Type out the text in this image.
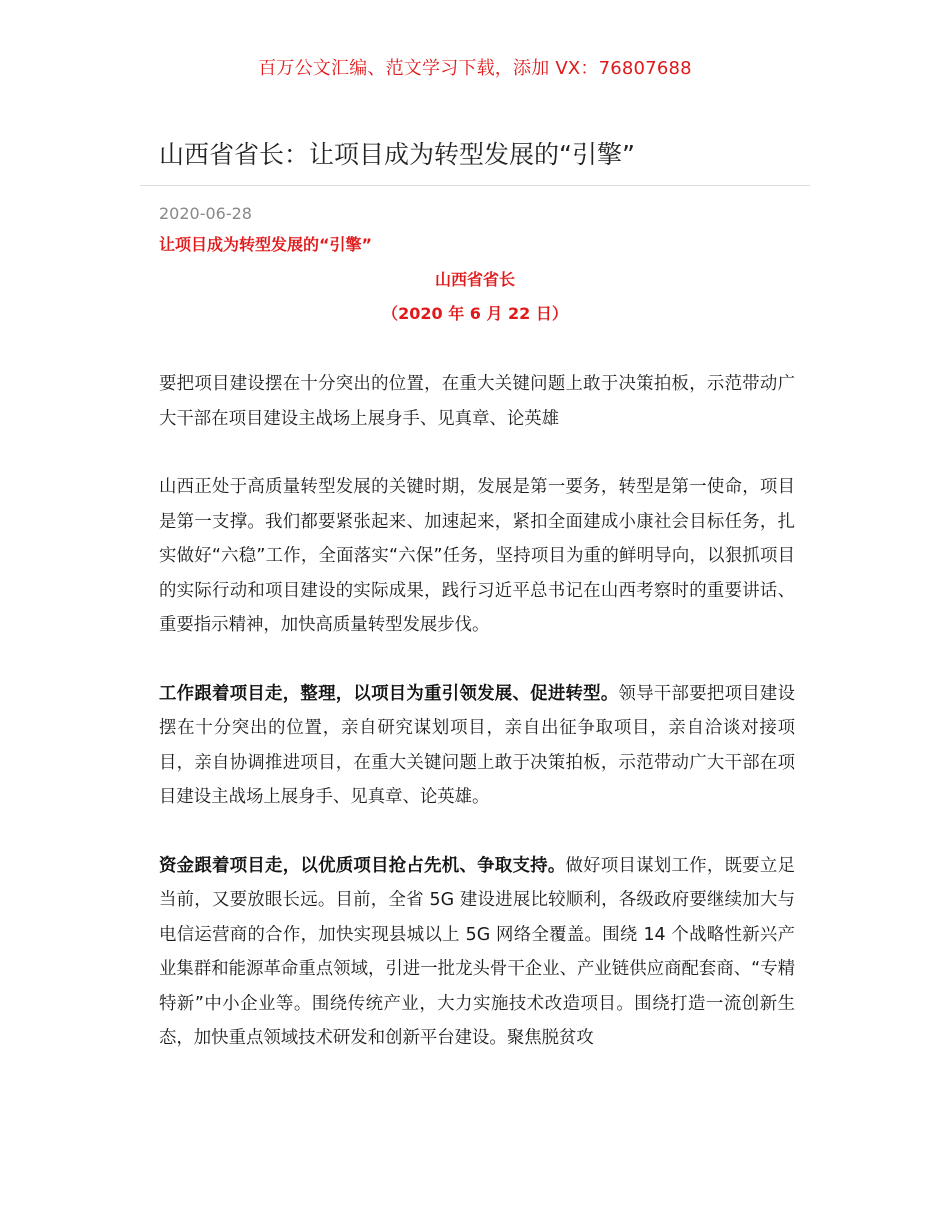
百万公文汇编、范文学习下载，添加 VX：76807688
山西省省长：让项目成为转型发展的“引擎”
2020-06-28
让项目成为转型发展的“引擎”
山西省省长
（2020 年 6 月 22 日）

要把项目建设摆在十分突出的位置，在重大关键问题上敢于决策拍板，示范带动广大干部在项目建设主战场上展身手、见真章、论英雄

山西正处于高质量转型发展的关键时期，发展是第一要务，转型是第一使命，项目是第一支撑。我们都要紧张起来、加速起来，紧扣全面建成小康社会目标任务，扎实做好“六稳”工作，全面落实“六保”任务，坚持项目为重的鲜明导向，以狠抓项目的实际行动和项目建设的实际成果，践行习近平总书记在山西考察时的重要讲话、重要指示精神，加快高质量转型发展步伐。

工作跟着项目走，整理，以项目为重引领发展、促进转型。领导干部要把项目建设摆在十分突出的位置，亲自研究谋划项目，亲自出征争取项目，亲自洽谈对接项目，亲自协调推进项目，在重大关键问题上敢于决策拍板，示范带动广大干部在项目建设主战场上展身手、见真章、论英雄。

资金跟着项目走，以优质项目抢占先机、争取支持。做好项目谋划工作，既要立足当前，又要放眼长远。目前，全省 5G 建设进展比较顺利，各级政府要继续加大与电信运营商的合作，加快实现县城以上 5G 网络全覆盖。围绕 14 个战略性新兴产业集群和能源革命重点领域，引进一批龙头骨干企业、产业链供应商配套商、“专精特新”中小企业等。围绕传统产业，大力实施技术改造项目。围绕打造一流创新生态，加快重点领域技术研发和创新平台建设。聚焦脱贫攻
